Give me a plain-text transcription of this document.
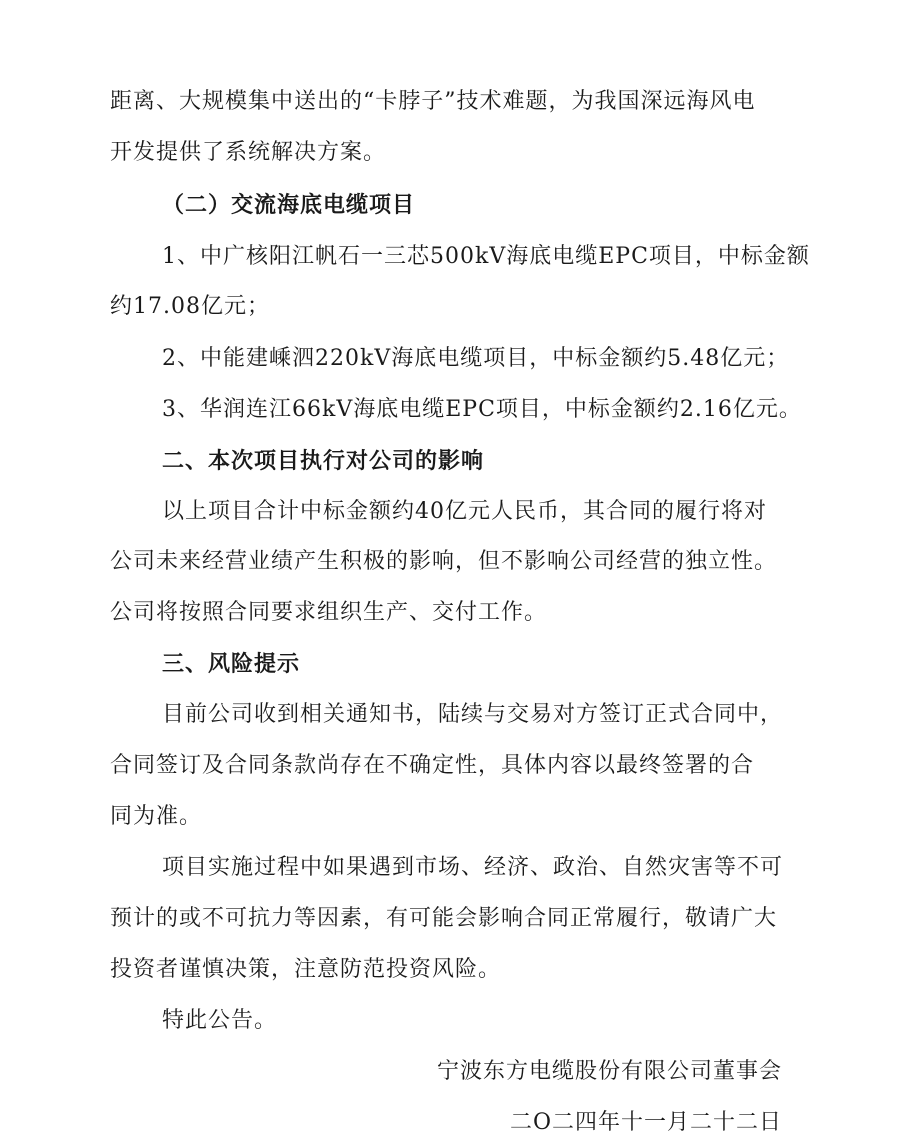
距离、大规模集中送出的“卡脖子”技术难题，为我国深远海风电
开发提供了系统解决方案。
（二）交流海底电缆项目
1、中广核阳江帆石一三芯500kV海底电缆EPC项目，中标金额
约17.08亿元；
2、中能建嵊泗220kV海底电缆项目，中标金额约5.48亿元；
3、华润连江66kV海底电缆EPC项目，中标金额约2.16亿元。
二、本次项目执行对公司的影响
以上项目合计中标金额约40亿元人民币，其合同的履行将对
公司未来经营业绩产生积极的影响，但不影响公司经营的独立性。
公司将按照合同要求组织生产、交付工作。
三、风险提示
目前公司收到相关通知书，陆续与交易对方签订正式合同中，
合同签订及合同条款尚存在不确定性，具体内容以最终签署的合
同为准。
项目实施过程中如果遇到市场、经济、政治、自然灾害等不可
预计的或不可抗力等因素，有可能会影响合同正常履行，敬请广大
投资者谨慎决策，注意防范投资风险。
特此公告。
宁波东方电缆股份有限公司董事会
二O二四年十一月二十二日
